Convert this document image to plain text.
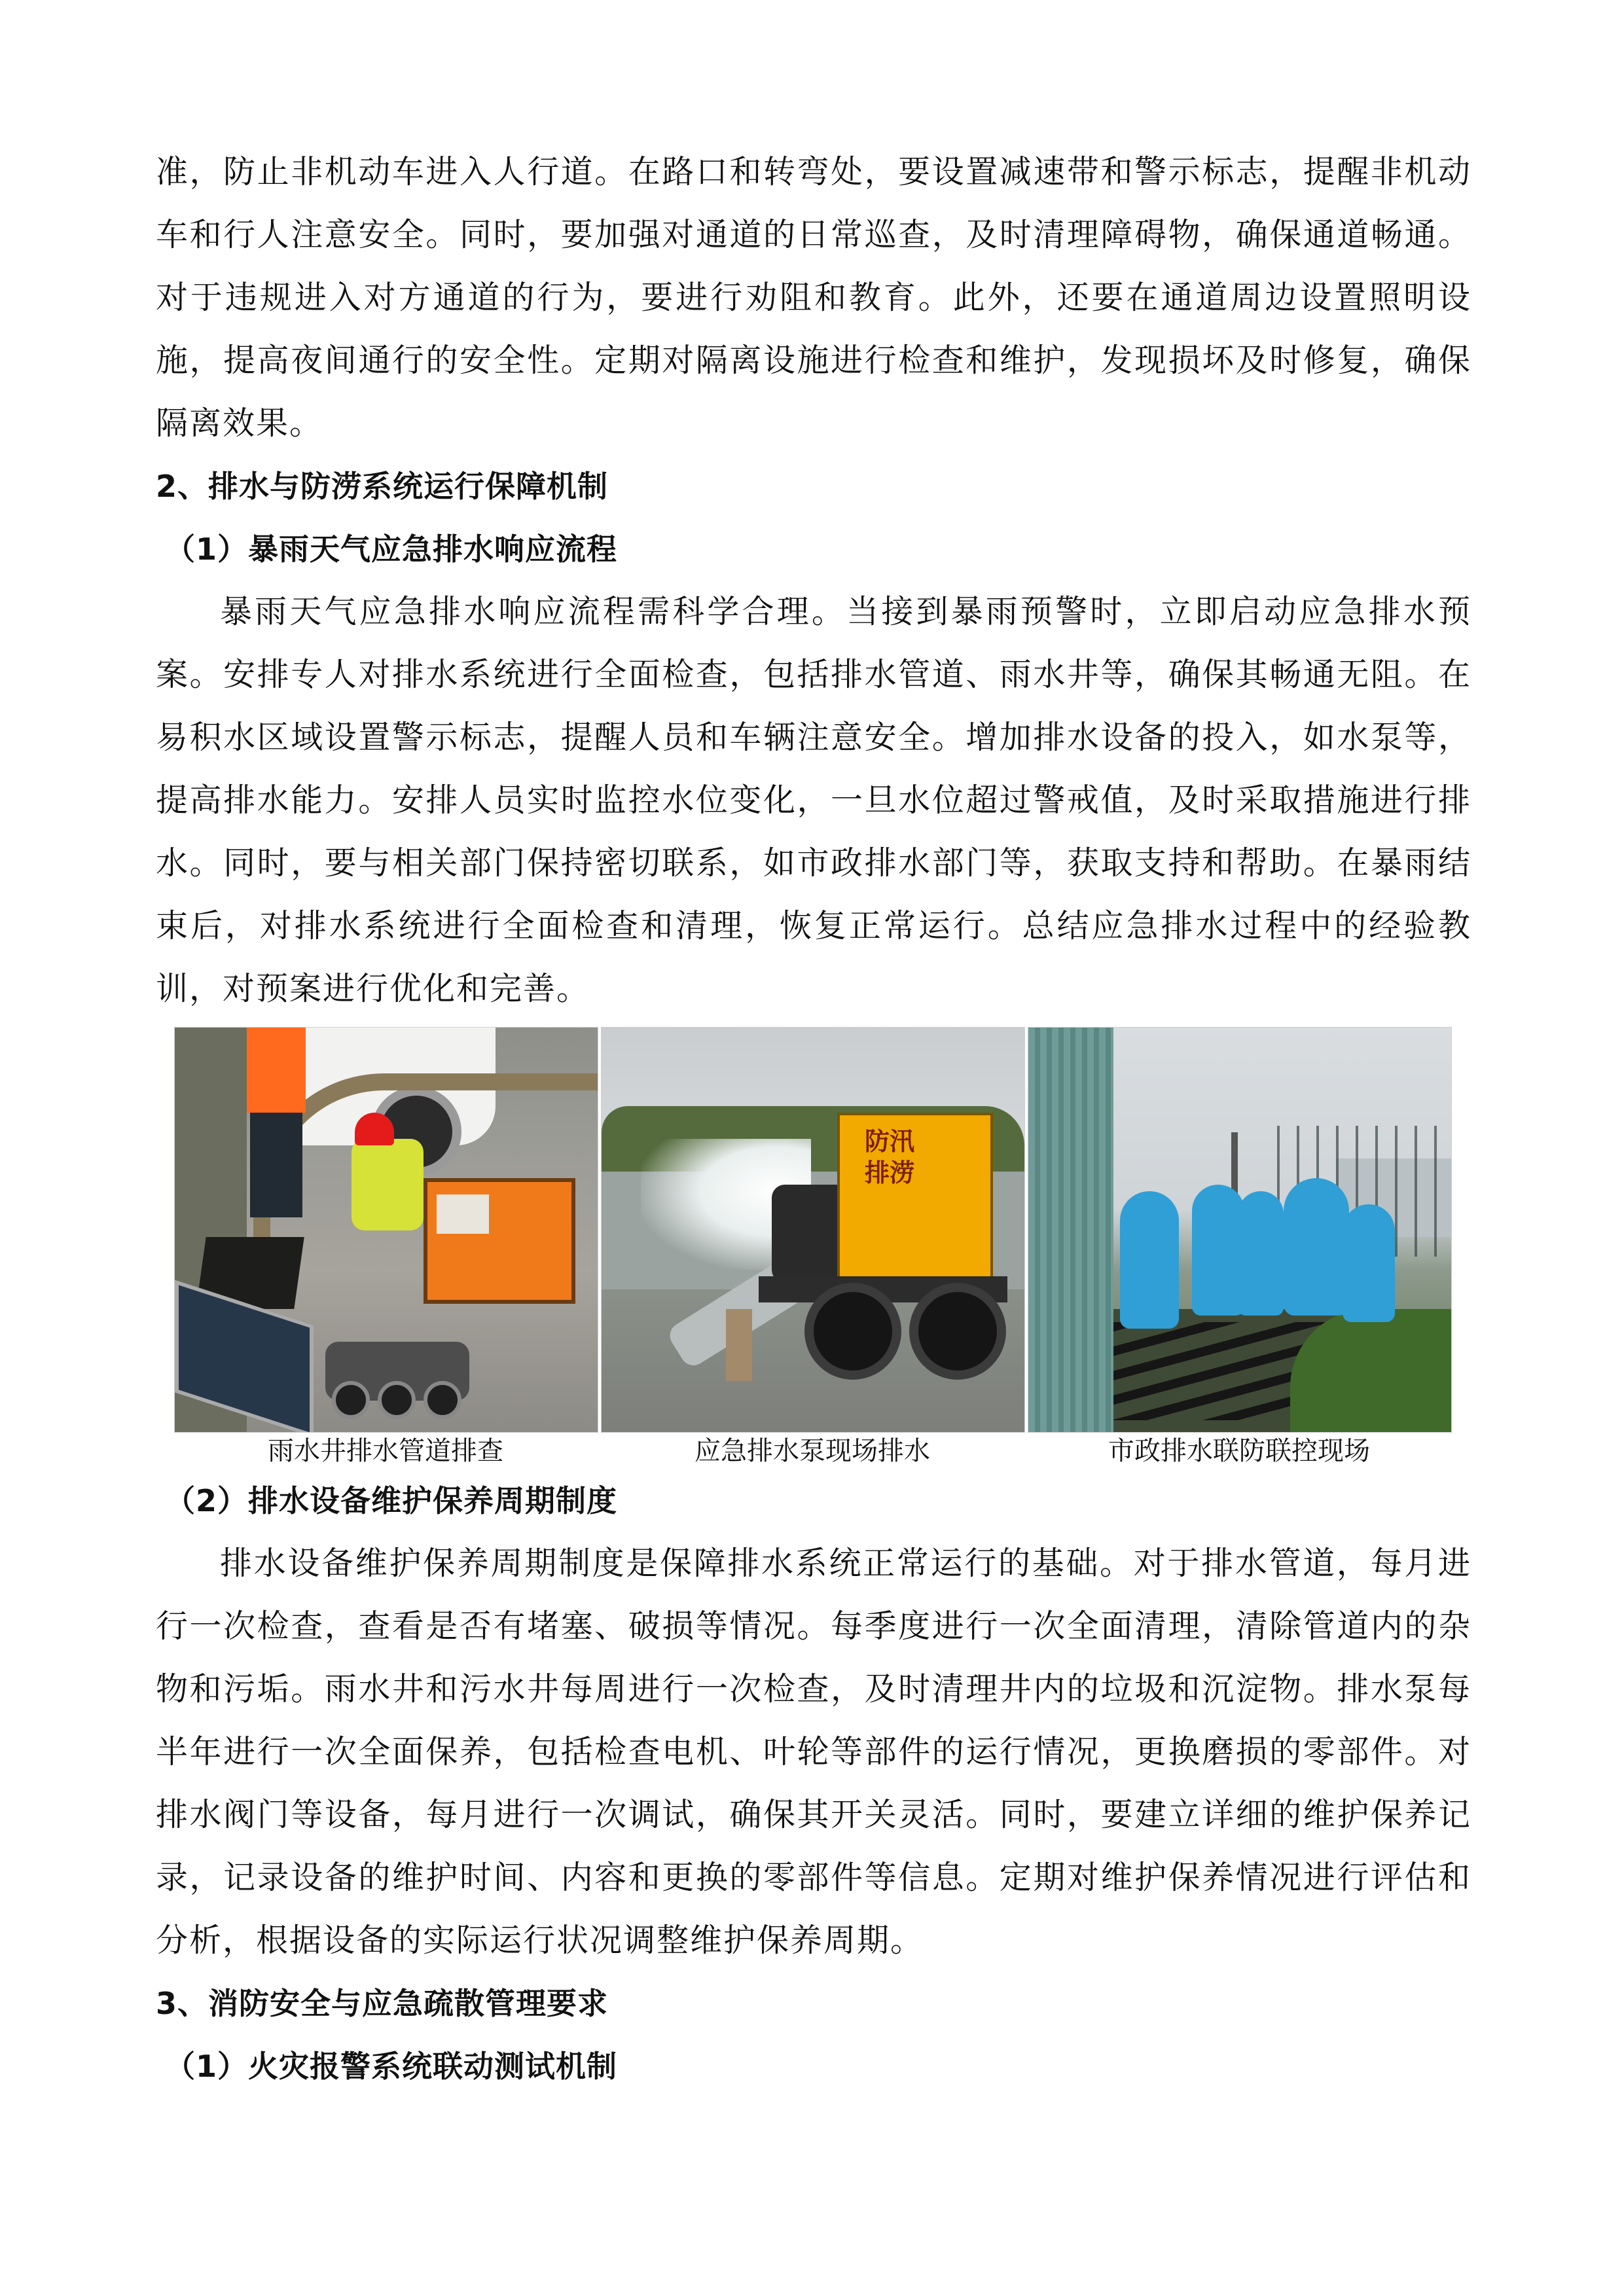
准，防止非机动车进入人行道。在路口和转弯处，要设置减速带和警示标志，提醒非机动车和行人注意安全。同时，要加强对通道的日常巡查，及时清理障碍物，确保通道畅通。对于违规进入对方通道的行为，要进行劝阻和教育。此外，还要在通道周边设置照明设施，提高夜间通行的安全性。定期对隔离设施进行检查和维护，发现损坏及时修复，确保隔离效果。

2、排水与防涝系统运行保障机制

（1）暴雨天气应急排水响应流程

暴雨天气应急排水响应流程需科学合理。当接到暴雨预警时，立即启动应急排水预案。安排专人对排水系统进行全面检查，包括排水管道、雨水井等，确保其畅通无阻。在易积水区域设置警示标志，提醒人员和车辆注意安全。增加排水设备的投入，如水泵等，提高排水能力。安排人员实时监控水位变化，一旦水位超过警戒值，及时采取措施进行排水。同时，要与相关部门保持密切联系，如市政排水部门等，获取支持和帮助。在暴雨结束后，对排水系统进行全面检查和清理，恢复正常运行。总结应急排水过程中的经验教训，对预案进行优化和完善。

雨水井排水管道排查

防汛排涝

应急排水泵现场排水	市政排水联防联控现场

（2）排水设备维护保养周期制度

排水设备维护保养周期制度是保障排水系统正常运行的基础。对于排水管道，每月进行一次检查，查看是否有堵塞、破损等情况。每季度进行一次全面清理，清除管道内的杂物和污垢。雨水井和污水井每周进行一次检查，及时清理井内的垃圾和沉淀物。排水泵每半年进行一次全面保养，包括检查电机、叶轮等部件的运行情况，更换磨损的零部件。对排水阀门等设备，每月进行一次调试，确保其开关灵活。同时，要建立详细的维护保养记录，记录设备的维护时间、内容和更换的零部件等信息。定期对维护保养情况进行评估和分析，根据设备的实际运行状况调整维护保养周期。

3、消防安全与应急疏散管理要求

（1）火灾报警系统联动测试机制
